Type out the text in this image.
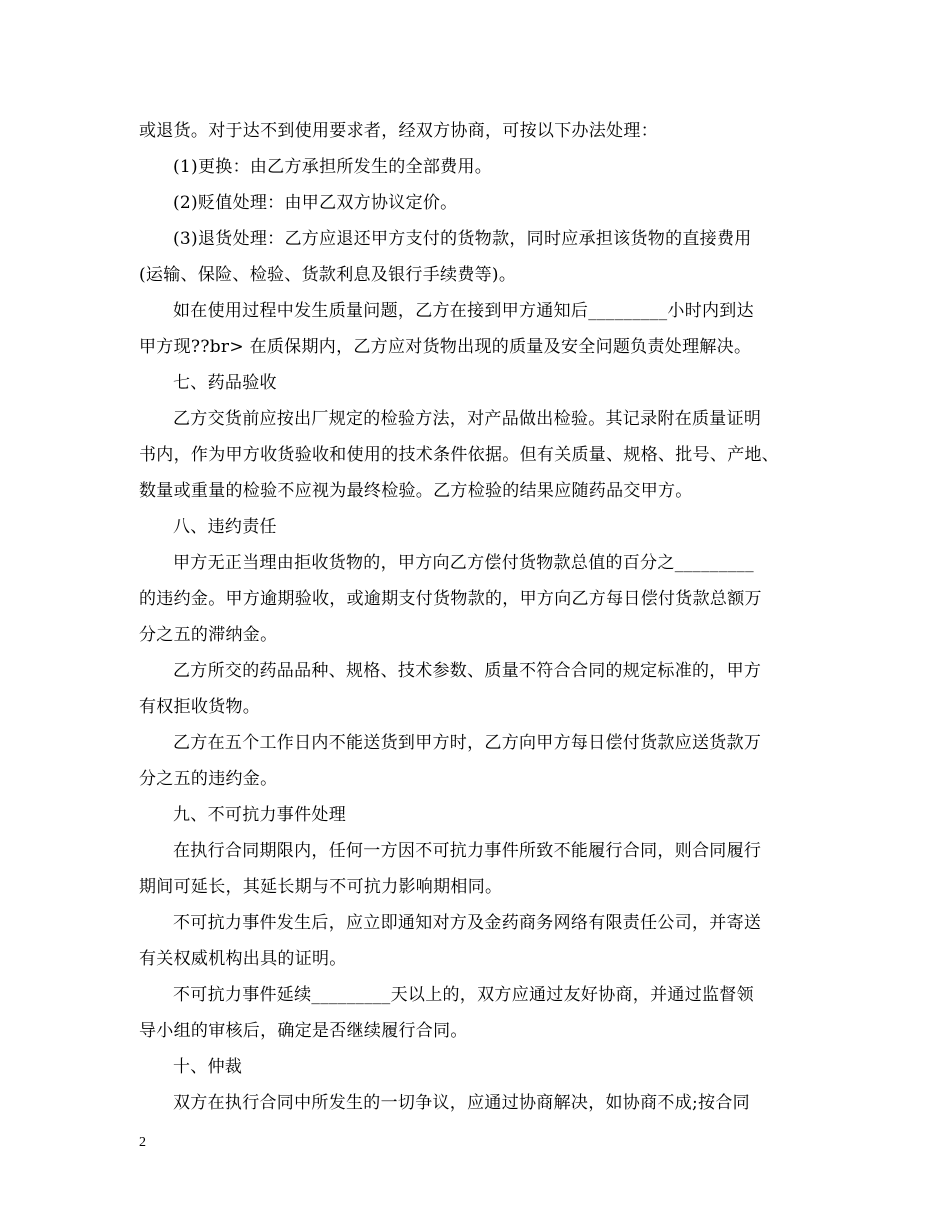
或退货。对于达不到使用要求者，经双方协商，可按以下办法处理：
(1)更换：由乙方承担所发生的全部费用。
(2)贬值处理：由甲乙双方协议定价。
(3)退货处理：乙方应退还甲方支付的货物款，同时应承担该货物的直接费用
(运输、保险、检验、货款利息及银行手续费等)。
如在使用过程中发生质量问题，乙方在接到甲方通知后_________小时内到达
甲方现??br> 在质保期内，乙方应对货物出现的质量及安全问题负责处理解决。
七、药品验收
乙方交货前应按出厂规定的检验方法，对产品做出检验。其记录附在质量证明
书内，作为甲方收货验收和使用的技术条件依据。但有关质量、规格、批号、产地、
数量或重量的检验不应视为最终检验。乙方检验的结果应随药品交甲方。
八、违约责任
甲方无正当理由拒收货物的，甲方向乙方偿付货物款总值的百分之_________
的违约金。甲方逾期验收，或逾期支付货物款的，甲方向乙方每日偿付货款总额万
分之五的滞纳金。
乙方所交的药品品种、规格、技术参数、质量不符合合同的规定标准的，甲方
有权拒收货物。
乙方在五个工作日内不能送货到甲方时，乙方向甲方每日偿付货款应送货款万
分之五的违约金。
九、不可抗力事件处理
在执行合同期限内，任何一方因不可抗力事件所致不能履行合同，则合同履行
期间可延长，其延长期与不可抗力影响期相同。
不可抗力事件发生后，应立即通知对方及金药商务网络有限责任公司，并寄送
有关权威机构出具的证明。
不可抗力事件延续_________天以上的，双方应通过友好协商，并通过监督领
导小组的审核后，确定是否继续履行合同。
十、仲裁
双方在执行合同中所发生的一切争议，应通过协商解决，如协商不成;按合同
2
